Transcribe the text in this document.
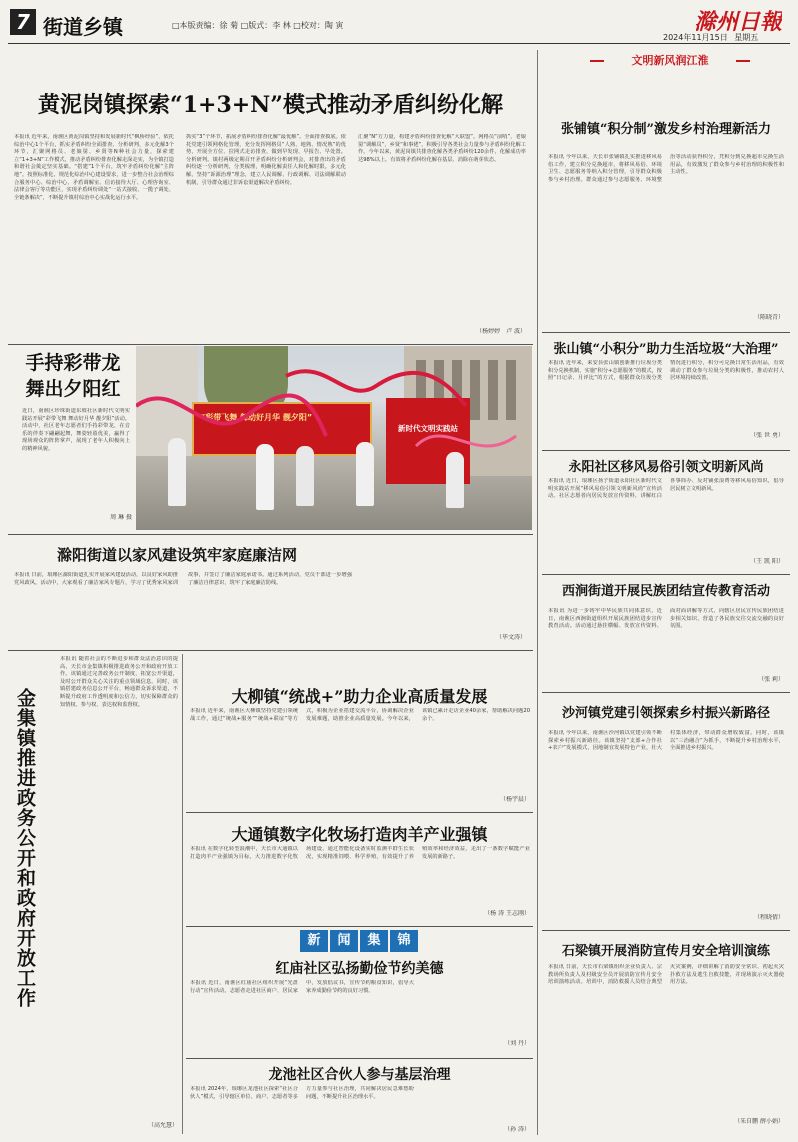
7 街道乡镇	□本版责编：徐 菊 □版式：李 林 □校对：陶 寅	滁州日報
2024年11月15日 星期五
黄泥岗镇探索“1+3+N”模式推动矛盾纠纷化解
本报讯 近年来，南谯区黄泥岗镇坚持和发展新时代“枫桥经验”，依托综治中心1个平台，抓实矛盾纠纷全面排查、分析研判、多元化解3个环节，汇聚网格员、老娘舅、乡贤等N种社会力量，探索建立“1+3+N”工作模式，推动矛盾纠纷排查化解走深走实，为全镇打造和谐社会奠定坚实基础。“搭建”1个平台，筑牢矛盾纠纷化解“主阵地”。按照标准化、规范化综治中心建设要求，进一步整合社会治理综合服务中心、综治中心、矛盾调解室、信访接待大厅、心理咨询室、法律会客厅等功能区，实现矛盾纠纷调处“一站式接收、一揽子调处、全链条解决”，不断提升镇村综治中心实战化运行水平。
抓实“3”个环节，拓展矛盾纠纷排查化解“最优解”。全面排查摸底。依托党建引领网格化管理，充分发挥网格员“人熟、地熟、情况熟”的优势，开展全方位、拉网式走访排查，做到早发现、早报告、早处置。分析研判。镇村两级定期召开矛盾纠纷分析研判会，对排查出的矛盾纠纷逐一分析研判，分类梳理，明确化解责任人和化解时限。多元化解。坚持“诉源治理”理念，建立人民调解、行政调解、司法调解联动机制，引导群众通过非诉讼渠道解决矛盾纠纷。
汇聚“N”方力量，构建矛盾纠纷排查化解“大联盟”。网格员“前哨”，老娘舅“调解员”，乡贤“和事佬”，积极引导各类社会力量参与矛盾纠纷化解工作。今年以来，黄泥岗镇共排查化解各类矛盾纠纷120余件，化解成功率达98%以上，有效将矛盾纠纷化解在基层、消除在萌芽状态。
（杨婷婷　卢 波）
手持彩带龙
舞出夕阳红
近日，南谯区珍珠街道东坡社区新时代文明实践站开展“彩带飞舞 舞动好月华 靓夕阳”活动。活动中，社区老年志愿者们手持彩带龙，在音乐的伴奏下翩翩起舞，舞姿轻盈优美，赢得了现场观众的阵阵掌声，展现了老年人积极向上的精神风貌。
周 琳 摄
“彩带飞舞 舞动好月华 靓夕阳”
新时代文明实践站
文明新风润江淮
张铺镇“积分制”激发乡村治理新活力
本报讯 今年以来，天长市张铺镇扎实推进移风易俗工作，建立积分兑换超市，将移风易俗、环境卫生、志愿服务等纳入积分管理，引导群众积极参与乡村治理。群众通过参与志愿服务、环境整治等活动获得积分，凭积分到兑换超市兑换生活用品，有效激发了群众参与乡村治理的积极性和主动性。
（陈晓青）
张山镇“小积分”助力生活垃圾“大治理”
本报讯 近年来，来安县张山镇创新推行垃圾分类积分兑换机制，实施“积分+志愿服务”的模式，按照“日记录、月评比”的方式，根据群众垃圾分类情况进行积分，积分可兑换日常生活用品，有效调动了群众参与垃圾分类的积极性，推动农村人居环境持续改善。
（张 世 勇）
永阳社区移风易俗引领文明新风尚
本报讯 近日，琅琊区扬子街道永阳社区新时代文明实践站开展“移风易俗引领文明新风尚”宣传活动。社区志愿者向居民发放宣传资料，讲解红白喜事简办、反对铺张浪费等移风易俗知识，倡导居民树立文明新风。
（王 凯 阳）
西涧街道开展民族团结宣传教育活动
本报讯 为进一步铸牢中华民族共同体意识，近日，南谯区西涧街道组织开展民族团结进步宣传教育活动。活动通过悬挂横幅、发放宣传资料、面对面讲解等方式，向辖区居民宣传民族团结进步相关知识，营造了各民族交往交流交融的良好氛围。
（张 莉）
沙河镇党建引领探索乡村振兴新路径
本报讯 今年以来，南谯区沙河镇以党建引领不断探索乡村振兴新路径。该镇坚持“支部+合作社+农户”发展模式，因地制宜发展特色产业，壮大村集体经济，带动群众增收致富。同时，该镇以“三治融合”为抓手，不断提升乡村治理水平，全面推进乡村振兴。
（程晓倩）
石梁镇开展消防宣传月安全培训演练
本报讯 日前，天长市石梁镇组织企业负责人、宗教场所负责人及村级安全员开展消防宣传月安全培训演练活动。培训中，消防救援人员结合典型火灾案例，详细讲解了消防安全常识、初起火灾扑救方法及逃生自救技能，并现场演示灭火器使用方法。
（朱自鹏 薛小娟）
滁阳街道以家风建设筑牢家庭廉洁网
本报讯 日前，琅琊区滁阳街道扎实开展家风建设活动，以良好家风助推党风政风。活动中，大家观看了廉洁家风专题片，学习了优秀家风家训故事，并签订了廉洁家庭承诺书。通过系列活动，党员干部进一步增强了廉洁自律意识，筑牢了家庭廉洁防线。
（毕文涛）
金集镇推进政务公开和政府开放工作
本报讯 随着社会的不断进步和群众法治意识的提高，天长市金集镇积极推进政务公开和政府开放工作。该镇通过完善政务公开制度，拓宽公开渠道，及时公开群众关心关注的重点领域信息。同时，该镇搭建政务信息公开平台，畅通群众诉求渠道，不断提升政府工作透明度和公信力，切实保障群众的知情权、参与权、表达权和监督权。
（高允慧）
大柳镇“统战+”助力企业高质量发展
本报讯 近年来，南谯区大柳镇坚持党建引领统战工作，通过“统战+服务”“统战+联谊”等方式，积极为企业搭建交流平台，协调解决企业发展难题，助推企业高质量发展。今年以来，该镇已累计走访企业40余家，帮助解决问题20余个。
（杨宇晨）
大通镇数字化牧场打造肉羊产业强镇
本报讯 在数字化转型浪潮中，天长市大通镇以打造肉羊产业强镇为目标，大力推进数字化牧场建设，通过智能化设备实时监测羊群生长状况，实现精准饲喂、科学养殖，有效提升了养殖效率和经济效益，走出了一条数字赋能产业发展的新路子。
（杨 涛 王志刚）
新	闻	集	锦
红庙社区弘扬勤俭节约美德
本报讯 近日，南谯区红庙社区组织开展“光盘行动”宣传活动。志愿者走进社区商户、居民家中，发放倡议书，宣传节约粮食知识，倡导大家养成勤俭节约的良好习惯。
（刘 丹）
龙池社区合伙人参与基层治理
本报讯 2024年，琅琊区龙池社区探索“社区合伙人”模式，引导辖区单位、商户、志愿者等多方力量参与社区治理，共同解决居民急难愁盼问题，不断提升社区治理水平。
（孙 涛）
